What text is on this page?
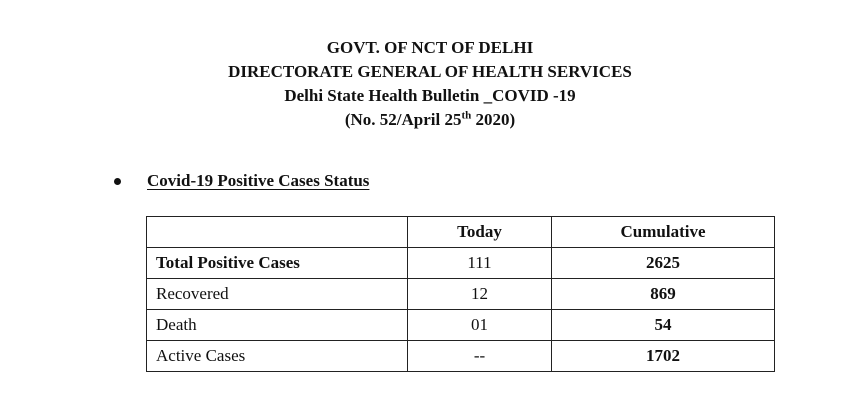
GOVT. OF NCT OF DELHI
DIRECTORATE GENERAL OF HEALTH SERVICES
Delhi State Health Bulletin _COVID -19
(No. 52/April 25th 2020)
Covid-19 Positive Cases Status
	Today	Cumulative
Total Positive Cases	111	2625
Recovered	12	869
Death	01	54
Active Cases	--	1702
